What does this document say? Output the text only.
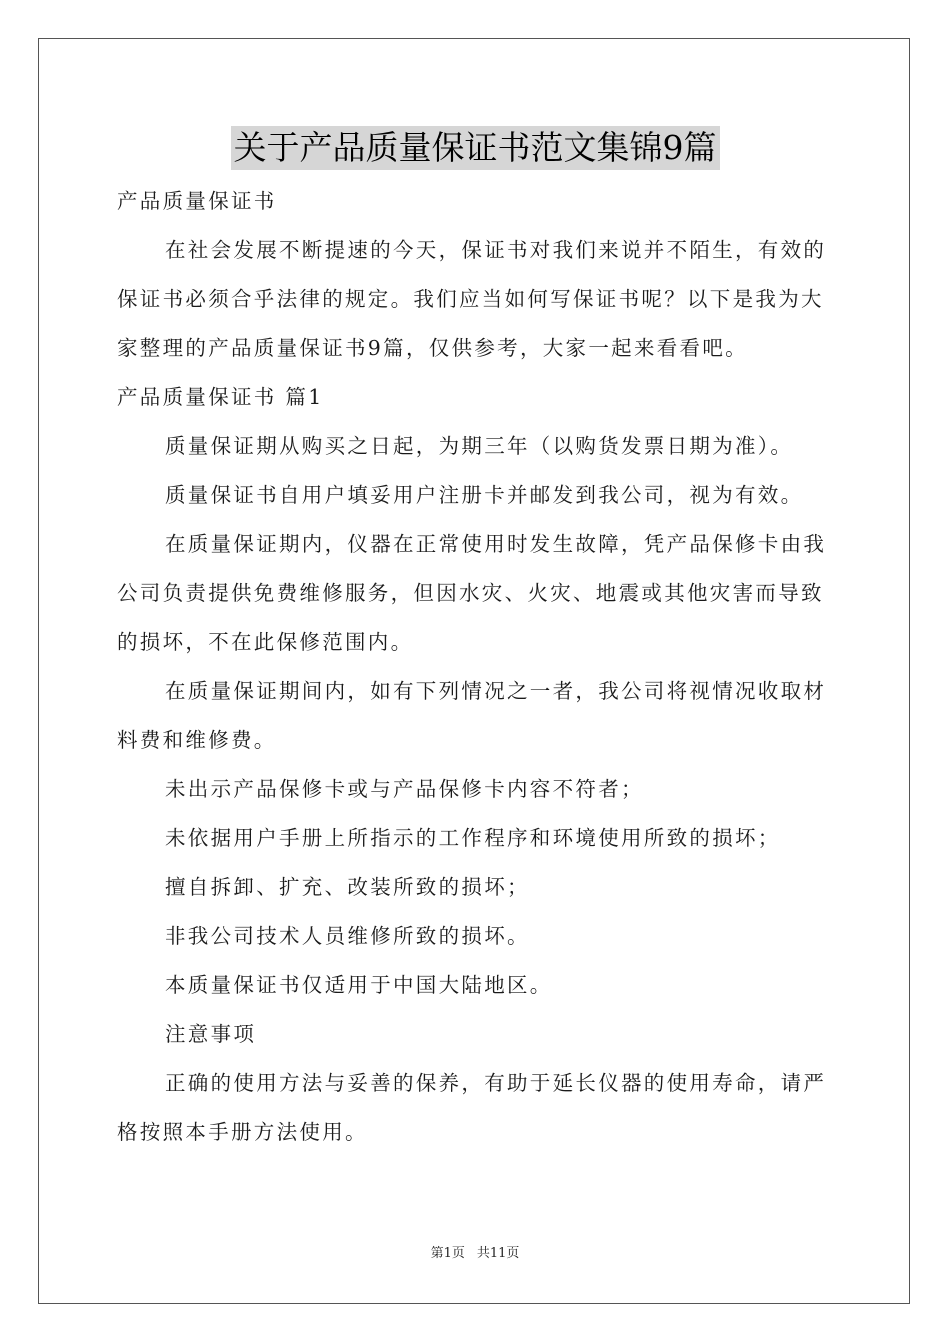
关于产品质量保证书范文集锦9篇

产品质量保证书

在社会发展不断提速的今天，保证书对我们来说并不陌生，有效的保证书必须合乎法律的规定。我们应当如何写保证书呢？以下是我为大家整理的产品质量保证书9篇，仅供参考，大家一起来看看吧。

产品质量保证书 篇1

质量保证期从购买之日起，为期三年（以购货发票日期为准）。

质量保证书自用户填妥用户注册卡并邮发到我公司，视为有效。

在质量保证期内，仪器在正常使用时发生故障，凭产品保修卡由我公司负责提供免费维修服务，但因水灾、火灾、地震或其他灾害而导致的损坏，不在此保修范围内。

在质量保证期间内，如有下列情况之一者，我公司将视情况收取材料费和维修费。

未出示产品保修卡或与产品保修卡内容不符者；

未依据用户手册上所指示的工作程序和环境使用所致的损坏；

擅自拆卸、扩充、改装所致的损坏；

非我公司技术人员维修所致的损坏。

本质量保证书仅适用于中国大陆地区。

注意事项

正确的使用方法与妥善的保养，有助于延长仪器的使用寿命，请严格按照本手册方法使用。

第1页 共11页
